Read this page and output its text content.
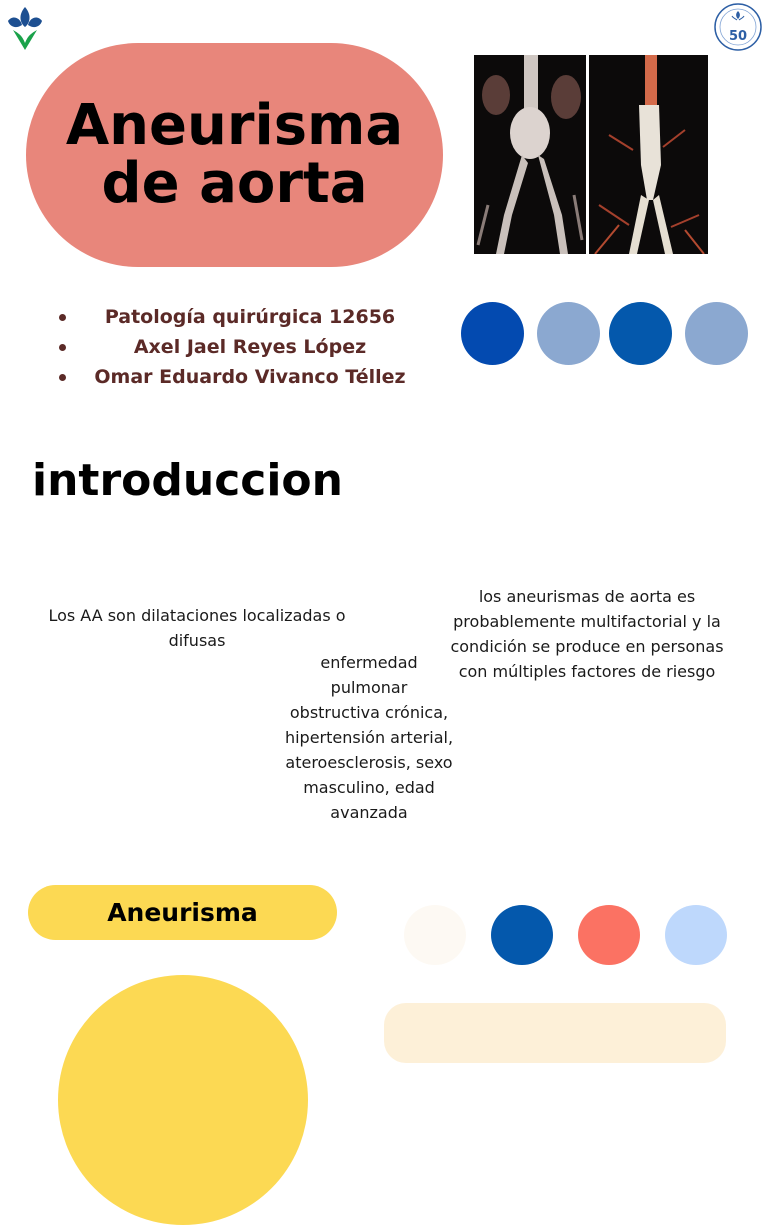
50
Aneurisma
de aorta
Patología quirúrgica 12656
Axel Jael Reyes López
Omar Eduardo Vivanco Téllez
introduccion

Los AA son dilataciones localizadas o difusas

enfermedad pulmonar obstructiva crónica, hipertensión arterial, ateroesclerosis, sexo masculino, edad avanzada

los aneurismas de aorta es probablemente multifactorial y la condición se produce en personas con múltiples factores de riesgo

Aneurisma
